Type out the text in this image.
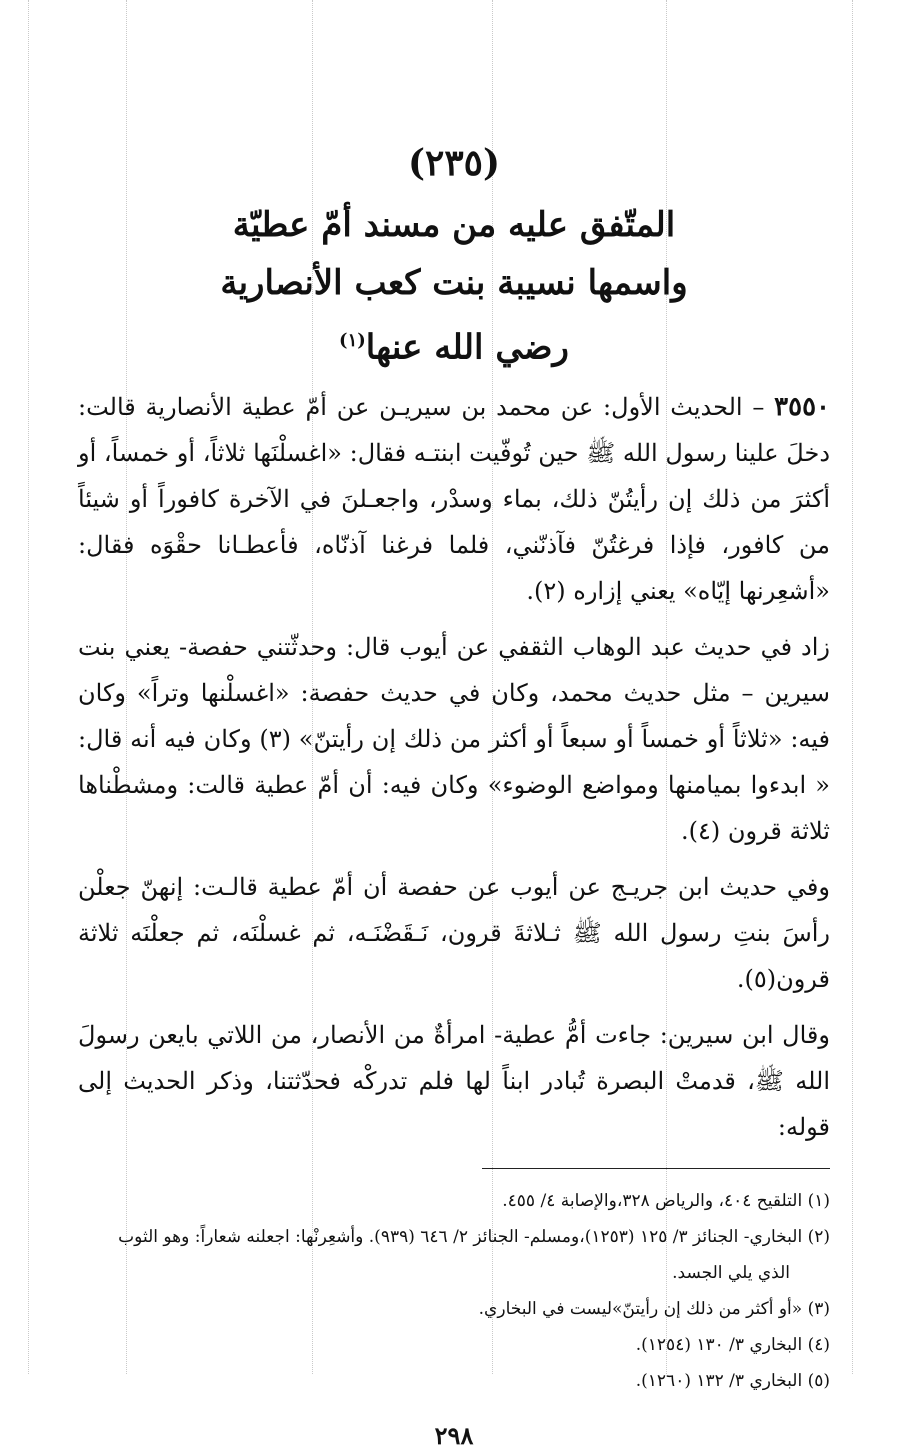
(٢٣٥)
المتّفق عليه من مسند أمّ عطيّة
واسمها نسيبة بنت كعب الأنصارية
رضي الله عنها$^{(١)}$

٣٥٥٠ – الحديث الأول: عن محمد بن سيريـن عن أمّ عطية الأنصارية قالت: دخلَ علينا رسول الله ﷺ حين تُوفّيت ابنتـه فقال: «اغسلْنَها ثلاثاً، أو خمساً، أو أكثرَ من ذلك إن رأيتُنّ ذلك، بماء وسدْر، واجعـلنَ في الآخرة كافوراً أو شيئاً من كافور، فإذا فرغتُنّ فآذنّني، فلما فرغنا آذنّاه، فأعطـانا حقْوَه فقال: «أشعِرنها إيّاه» يعني إزاره (٢).

زاد في حديث عبد الوهاب الثقفي عن أيوب قال: وحدثّتني حفصة- يعني بنت سيرين – مثل حديث محمد، وكان في حديث حفصة: «اغسلْنها وتراً» وكان فيه: «ثلاثاً أو خمساً أو سبعاً أو أكثر من ذلك إن رأيتنّ» (٣) وكان فيه أنه قال: « ابدءوا بميامنها ومواضع الوضوء» وكان فيه: أن أمّ عطية قالت: ومشطْناها ثلاثة قرون (٤).

وفي حديث ابن جريـج عن أيوب عن حفصة أن أمّ عطية قالـت: إنهنّ جعلْن رأسَ بنتِ رسول الله ﷺ ثـلاثةَ قرون، نَـقَضْنَـه، ثم غسلْنَه، ثم جعلْنَه ثلاثة قرون(٥).

وقال ابن سيرين: جاءت أمُّ عطية- امرأةٌ من الأنصار، من اللاتي بايعن رسولَ الله ﷺ، قدمتْ البصرة تُبادر ابناً لها فلم تدركْه فحدّثتنا، وذكر الحديث إلى قوله:

(١) التلقيح ٤٠٤، والرياض ٣٢٨،والإصابة ٤/ ٤٥٥.

(٢) البخاري- الجنائز ٣/ ١٢٥ (١٢٥٣)،ومسلم- الجنائز ٢/ ٦٤٦ (٩٣٩). وأشعِرنْها: اجعلنه شعاراً: وهو الثوب

الذي يلي الجسد.

(٣) «أو أكثر من ذلك إن رأيتنّ»ليست في البخاري.

(٤) البخاري ٣/ ١٣٠ (١٢٥٤).

(٥) البخاري ٣/ ١٣٢ (١٢٦٠).

٢٩٨
